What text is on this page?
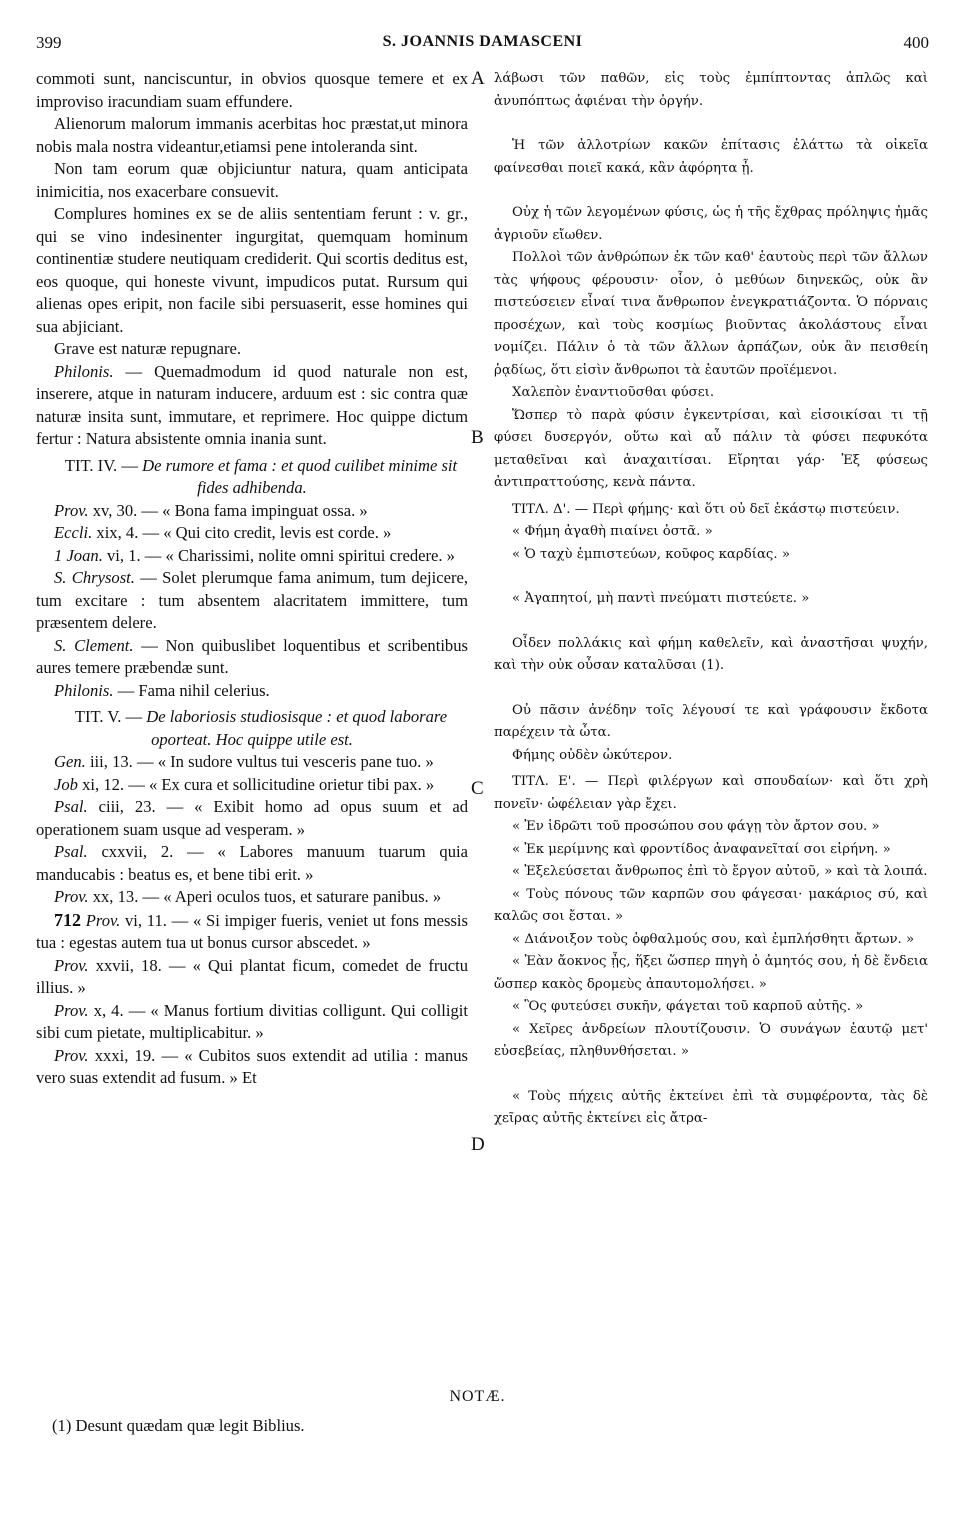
399	S. JOANNIS DAMASCENI	400
A
B
C
D

commoti sunt, nanciscuntur, in obvios quosque temere et ex improviso iracundiam suam effundere.

Alienorum malorum immanis acerbitas hoc præstat,ut minora nobis mala nostra videantur,etiamsi pene intoleranda sint.

Non tam eorum quæ objiciuntur natura, quam anticipata inimicitia, nos exacerbare consuevit.

Complures homines ex se de aliis sententiam ferunt : v. gr., qui se vino indesinenter ingurgitat, quemquam hominum continentiæ studere neutiquam crediderit. Qui scortis deditus est, eos quoque, qui honeste vivunt, impudicos putat. Rursum qui alienas opes eripit, non facile sibi persuaserit, esse homines qui sua abjiciant.

Grave est naturæ repugnare.

Philonis. — Quemadmodum id quod naturale non est, inserere, atque in naturam inducere, arduum est : sic contra quæ naturæ insita sunt, immutare, et reprimere. Hoc quippe dictum fertur : Natura absistente omnia inania sunt.

TIT. IV. — De rumore et fama : et quod cuilibet minime sit fides adhibenda.

Prov. xv, 30. — « Bona fama impinguat ossa. »

Eccli. xix, 4. — « Qui cito credit, levis est corde. »

1 Joan. vi, 1. — « Charissimi, nolite omni spiritui credere. »

S. Chrysost. — Solet plerumque fama animum, tum dejicere, tum excitare : tum absentem alacritatem immittere, tum præsentem delere.

S. Clement. — Non quibuslibet loquentibus et scribentibus aures temere præbendæ sunt.

Philonis. — Fama nihil celerius.

TIT. V. — De laboriosis studiosisque : et quod laborare oporteat. Hoc quippe utile est.

Gen. iii, 13. — « In sudore vultus tui vesceris pane tuo. »

Job xi, 12. — « Ex cura et sollicitudine orietur tibi pax. »

Psal. ciii, 23. — « Exibit homo ad opus suum et ad operationem suam usque ad vesperam. »

Psal. cxxvii, 2. — « Labores manuum tuarum quia manducabis : beatus es, et bene tibi erit. »

Prov. xx, 13. — « Aperi oculos tuos, et saturare panibus. »

712 Prov. vi, 11. — « Si impiger fueris, veniet ut fons messis tua : egestas autem tua ut bonus cursor abscedet. »

Prov. xxvii, 18. — « Qui plantat ficum, comedet de fructu illius. »

Prov. x, 4. — « Manus fortium divitias colligunt. Qui colligit sibi cum pietate, multiplicabitur. »

Prov. xxxi, 19. — « Cubitos suos extendit ad utilia : manus vero suas extendit ad fusum. » Et

λάβωσι τῶν παθῶν, εἰς τοὺς ἐμπίπτοντας ἁπλῶς καὶ ἀνυπόπτως ἀφιέναι τὴν ὀργήν.

Ἡ τῶν ἀλλοτρίων κακῶν ἐπίτασις ἐλάττω τὰ οἰκεῖα φαίνεσθαι ποιεῖ κακά, κἂν ἀφόρητα ᾖ.

Οὐχ ἡ τῶν λεγομένων φύσις, ὡς ἡ τῆς ἔχθρας πρόληψις ἡμᾶς ἀγριοῦν εἴωθεν.

Πολλοὶ τῶν ἀνθρώπων ἐκ τῶν καθ' ἑαυτοὺς περὶ τῶν ἄλλων τὰς ψήφους φέρουσιν· οἷον, ὁ μεθύων διηνεκῶς, οὐκ ἂν πιστεύσειεν εἶναί τινα ἄνθρωπον ἐνεγκρατιάζοντα. Ὁ πόρναις προσέχων, καὶ τοὺς κοσμίως βιοῦντας ἀκολάστους εἶναι νομίζει. Πάλιν ὁ τὰ τῶν ἄλλων ἁρπάζων, οὐκ ἂν πεισθείη ῥᾳδίως, ὅτι εἰσὶν ἄνθρωποι τὰ ἑαυτῶν προϊέμενοι.

Χαλεπὸν ἐναντιοῦσθαι φύσει.

Ὥσπερ τὸ παρὰ φύσιν ἐγκεντρίσαι, καὶ εἰσοικίσαι τι τῇ φύσει δυσεργόν, οὕτω καὶ αὖ πάλιν τὰ φύσει πεφυκότα μεταθεῖναι καὶ ἀναχαιτίσαι. Εἴρηται γάρ· Ἐξ φύσεως ἀντιπραττούσης, κενὰ πάντα.

ΤΙΤΛ. Δ'. — Περὶ φήμης· καὶ ὅτι οὐ δεῖ ἑκάστῳ πιστεύειν.

« Φήμη ἀγαθὴ πιαίνει ὀστᾶ. »

« Ὁ ταχὺ ἐμπιστεύων, κοῦφος καρδίας. »

« Ἀγαπητοί, μὴ παντὶ πνεύματι πιστεύετε. »

Οἶδεν πολλάκις καὶ φήμη καθελεῖν, καὶ ἀναστῆσαι ψυχήν, καὶ τὴν οὐκ οὖσαν καταλῦσαι (1).

Οὐ πᾶσιν ἀνέδην τοῖς λέγουσί τε καὶ γράφουσιν ἔκδοτα παρέχειν τὰ ὦτα.

Φήμης οὐδὲν ὠκύτερον.

ΤΙΤΛ. Ε'. — Περὶ φιλέργων καὶ σπουδαίων· καὶ ὅτι χρὴ πονεῖν· ὠφέλειαν γὰρ ἔχει.

« Ἐν ἱδρῶτι τοῦ προσώπου σου φάγῃ τὸν ἄρτον σου. »

« Ἐκ μερίμνης καὶ φροντίδος ἀναφανεῖταί σοι εἰρήνη. »

« Ἐξελεύσεται ἄνθρωπος ἐπὶ τὸ ἔργον αὐτοῦ, » καὶ τὰ λοιπά.

« Τοὺς πόνους τῶν καρπῶν σου φάγεσαι· μακάριος σύ, καὶ καλῶς σοι ἔσται. »

« Διάνοιξον τοὺς ὀφθαλμούς σου, καὶ ἐμπλήσθητι ἄρτων. »

« Ἐὰν ἄοκνος ᾖς, ἥξει ὥσπερ πηγὴ ὁ ἀμητός σου, ἡ δὲ ἔνδεια ὥσπερ κακὸς δρομεὺς ἀπαυτομολήσει. »

« Ὃς φυτεύσει συκῆν, φάγεται τοῦ καρποῦ αὐτῆς. »

« Χεῖρες ἀνδρείων πλουτίζουσιν. Ὁ συνάγων ἑαυτῷ μετ' εὐσεβείας, πληθυνθήσεται. »

« Τοὺς πήχεις αὐτῆς ἐκτείνει ἐπὶ τὰ συμφέροντα, τὰς δὲ χεῖρας αὐτῆς ἐκτείνει εἰς ἄτρα-

NOTÆ.
(1) Desunt quædam quæ legit Biblius.
